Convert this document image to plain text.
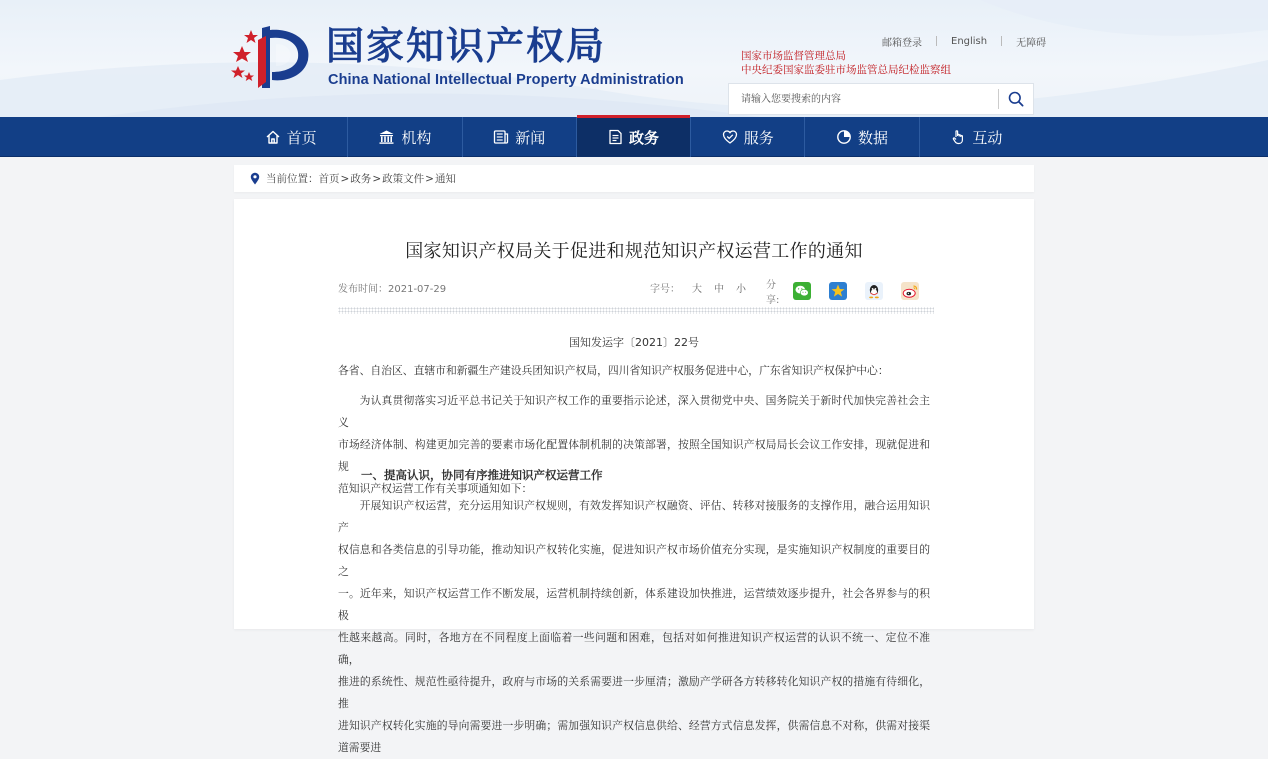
国家知识产权局
China National Intellectual Property Administration
邮箱登录	English	无障碍
国家市场监督管理总局
中央纪委国家监委驻市场监管总局纪检监察组
请输入您要搜索的内容
首页	机构	新闻	政务	服务	数据	互动
当前位置： 首页 > 政务 > 政策文件 > 通知
国家知识产权局关于促进和规范知识产权运营工作的通知
发布时间：2021-07-29	字号： 大 中 小 分享:
国知发运字〔2021〕22号
各省、自治区、直辖市和新疆生产建设兵团知识产权局，四川省知识产权服务促进中心，广东省知识产权保护中心：
为认真贯彻落实习近平总书记关于知识产权工作的重要指示论述，深入贯彻党中央、国务院关于新时代加快完善社会主义
市场经济体制、构建更加完善的要素市场化配置体制机制的决策部署，按照全国知识产权局局长会议工作安排，现就促进和规
范知识产权运营工作有关事项通知如下：
一、提高认识，协同有序推进知识产权运营工作
开展知识产权运营，充分运用知识产权规则，有效发挥知识产权融资、评估、转移对接服务的支撑作用，融合运用知识产
权信息和各类信息的引导功能，推动知识产权转化实施，促进知识产权市场价值充分实现，是实施知识产权制度的重要目的之
一。近年来，知识产权运营工作不断发展，运营机制持续创新，体系建设加快推进，运营绩效逐步提升，社会各界参与的积极
性越来越高。同时，各地方在不同程度上面临着一些问题和困难，包括对如何推进知识产权运营的认识不统一、定位不准确，
推进的系统性、规范性亟待提升，政府与市场的关系需要进一步厘清；激励产学研各方转移转化知识产权的措施有待细化，推
进知识产权转化实施的导向需要进一步明确；需加强知识产权信息供给、经营方式信息发挥，供需信息不对称，供需对接渠道需要进
